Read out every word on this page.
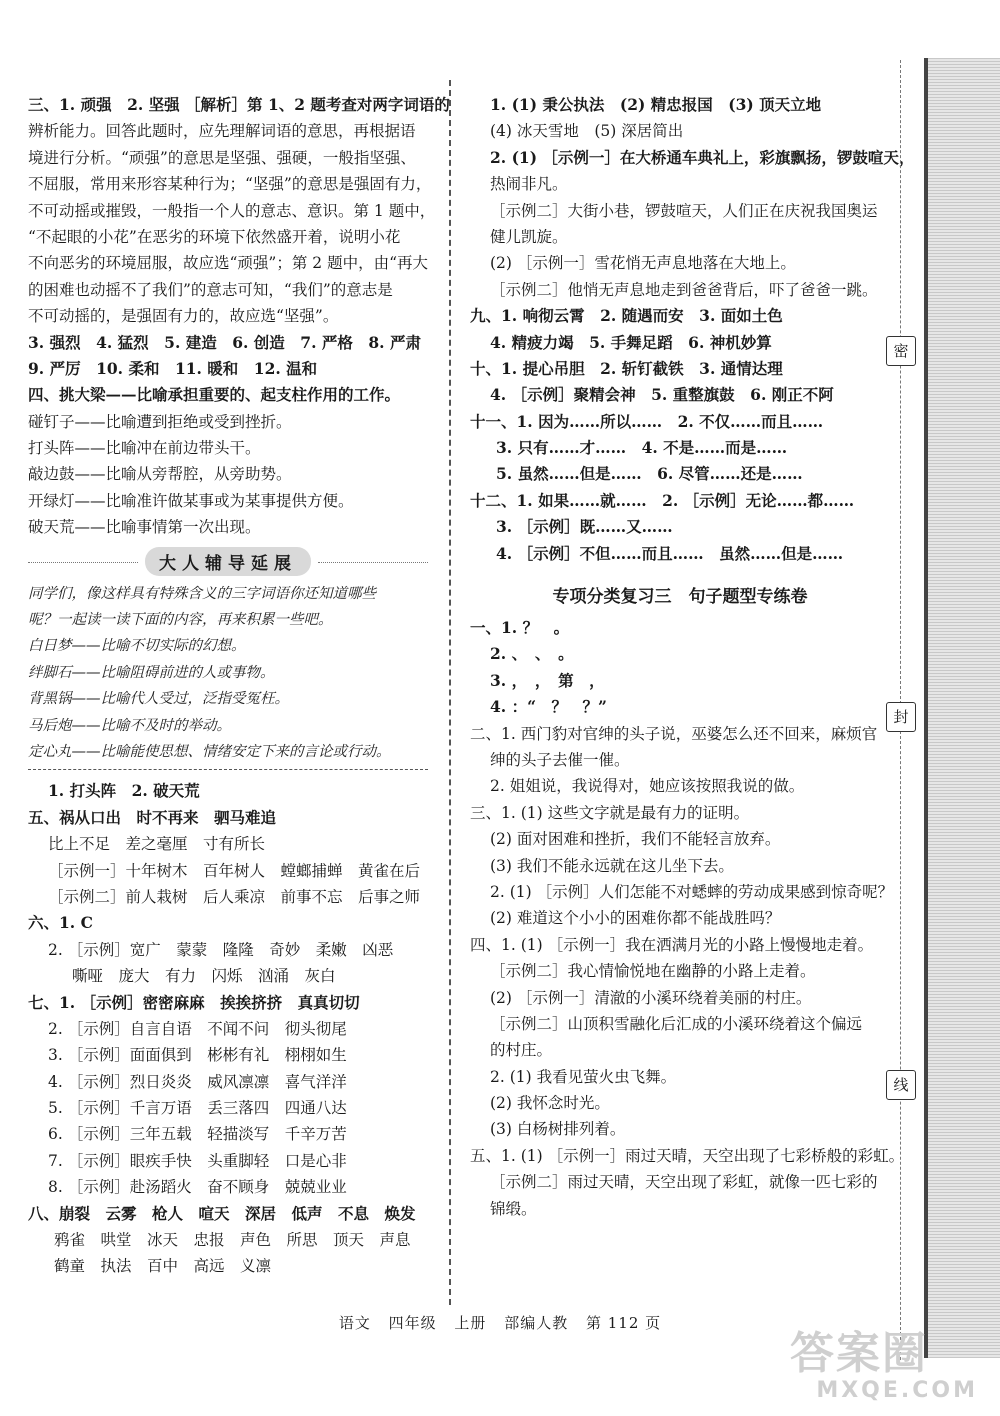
三、1. 顽强　2. 坚强 ［解析］第 1、2 题考查对两字词语的
辨析能力。回答此题时，应先理解词语的意思，再根据语
境进行分析。“顽强”的意思是坚强、强硬，一般指坚强、
不屈服，常用来形容某种行为；“坚强”的意思是强固有力，
不可动摇或摧毁，一般指一个人的意志、意识。第 1 题中，
“不起眼的小花”在恶劣的环境下依然盛开着，说明小花
不向恶劣的环境屈服，故应选“顽强”；第 2 题中，由“再大
的困难也动摇不了我们”的意志可知，“我们”的意志是
不可动摇的，是强固有力的，故应选“坚强”。
3. 强烈　4. 猛烈　5. 建造　6. 创造　7. 严格　8. 严肃
9. 严厉　10. 柔和　11. 暖和　12. 温和
四、挑大梁——比喻承担重要的、起支柱作用的工作。
碰钉子——比喻遭到拒绝或受到挫折。
打头阵——比喻冲在前边带头干。
敲边鼓——比喻从旁帮腔，从旁助势。
开绿灯——比喻准许做某事或为某事提供方便。
破天荒——比喻事情第一次出现。
大人辅导延展
同学们，像这样具有特殊含义的三字词语你还知道哪些
呢？一起读一读下面的内容，再来积累一些吧。
白日梦——比喻不切实际的幻想。
绊脚石——比喻阻碍前进的人或事物。
背黑锅——比喻代人受过，泛指受冤枉。
马后炮——比喻不及时的举动。
定心丸——比喻能使思想、情绪安定下来的言论或行动。
1. 打头阵　2. 破天荒
五、祸从口出　时不再来　驷马难追
比上不足　差之毫厘　寸有所长
［示例一］十年树木　百年树人　螳螂捕蝉　黄雀在后
［示例二］前人栽树　后人乘凉　前事不忘　后事之师
六、1. C
2. ［示例］宽广　蒙蒙　隆隆　奇妙　柔嫩　凶恶
嘶哑　庞大　有力　闪烁　汹涌　灰白
七、1. ［示例］密密麻麻　挨挨挤挤　真真切切
2. ［示例］自言自语　不闻不问　彻头彻尾
3. ［示例］面面俱到　彬彬有礼　栩栩如生
4. ［示例］烈日炎炎　威风凛凛　喜气洋洋
5. ［示例］千言万语　丢三落四　四通八达
6. ［示例］三年五载　轻描淡写　千辛万苦
7. ［示例］眼疾手快　头重脚轻　口是心非
8. ［示例］赴汤蹈火　奋不顾身　兢兢业业
八、崩裂　云雾　枪人　喧天　深居　低声　不息　焕发
鸦雀　哄堂　冰天　忠报　声色　所思　顶天　声息
鹤童　执法　百中　高远　义凛
1. (1) 秉公执法　(2) 精忠报国　(3) 顶天立地
(4) 冰天雪地　(5) 深居简出
2. (1) ［示例一］在大桥通车典礼上，彩旗飘扬，锣鼓喧天，
热闹非凡。
［示例二］大街小巷，锣鼓喧天，人们正在庆祝我国奥运
健儿凯旋。
(2) ［示例一］雪花悄无声息地落在大地上。
［示例二］他悄无声息地走到爸爸背后，吓了爸爸一跳。
九、1. 响彻云霄　2. 随遇而安　3. 面如土色
4. 精疲力竭　5. 手舞足蹈　6. 神机妙算
十、1. 提心吊胆　2. 斩钉截铁　3. 通情达理
4. ［示例］聚精会神　5. 重整旗鼓　6. 刚正不阿
十一、1. 因为……所以……　2. 不仅……而且……
3. 只有……才……　4. 不是……而是……
5. 虽然……但是……　6. 尽管……还是……
十二、1. 如果……就……　2. ［示例］无论……都……
3. ［示例］既……又……
4. ［示例］不但……而且……　虽然……但是……
专项分类复习三　句子题型专练卷
一、1. ？　。
2. 、　、　。
3. ，　，　第　，
4. ：“　？　？”
二、1. 西门豹对官绅的头子说，巫婆怎么还不回来，麻烦官
绅的头子去催一催。
2. 姐姐说，我说得对，她应该按照我说的做。
三、1. (1) 这些文字就是最有力的证明。
(2) 面对困难和挫折，我们不能轻言放弃。
(3) 我们不能永远就在这儿坐下去。
2. (1) ［示例］人们怎能不对蟋蟀的劳动成果感到惊奇呢？
(2) 难道这个小小的困难你都不能战胜吗？
四、1. (1) ［示例一］我在洒满月光的小路上慢慢地走着。
［示例二］我心情愉悦地在幽静的小路上走着。
(2) ［示例一］清澈的小溪环绕着美丽的村庄。
［示例二］山顶积雪融化后汇成的小溪环绕着这个偏远
的村庄。
2. (1) 我看见萤火虫飞舞。
(2) 我怀念时光。
(3) 白杨树排列着。
五、1. (1) ［示例一］雨过天晴，天空出现了七彩桥般的彩虹。
［示例二］雨过天晴，天空出现了彩虹，就像一匹七彩的
锦缎。
密
封
线
语文 四年级 上册 部编人教 第 112 页
答案圈
MXQE.COM
